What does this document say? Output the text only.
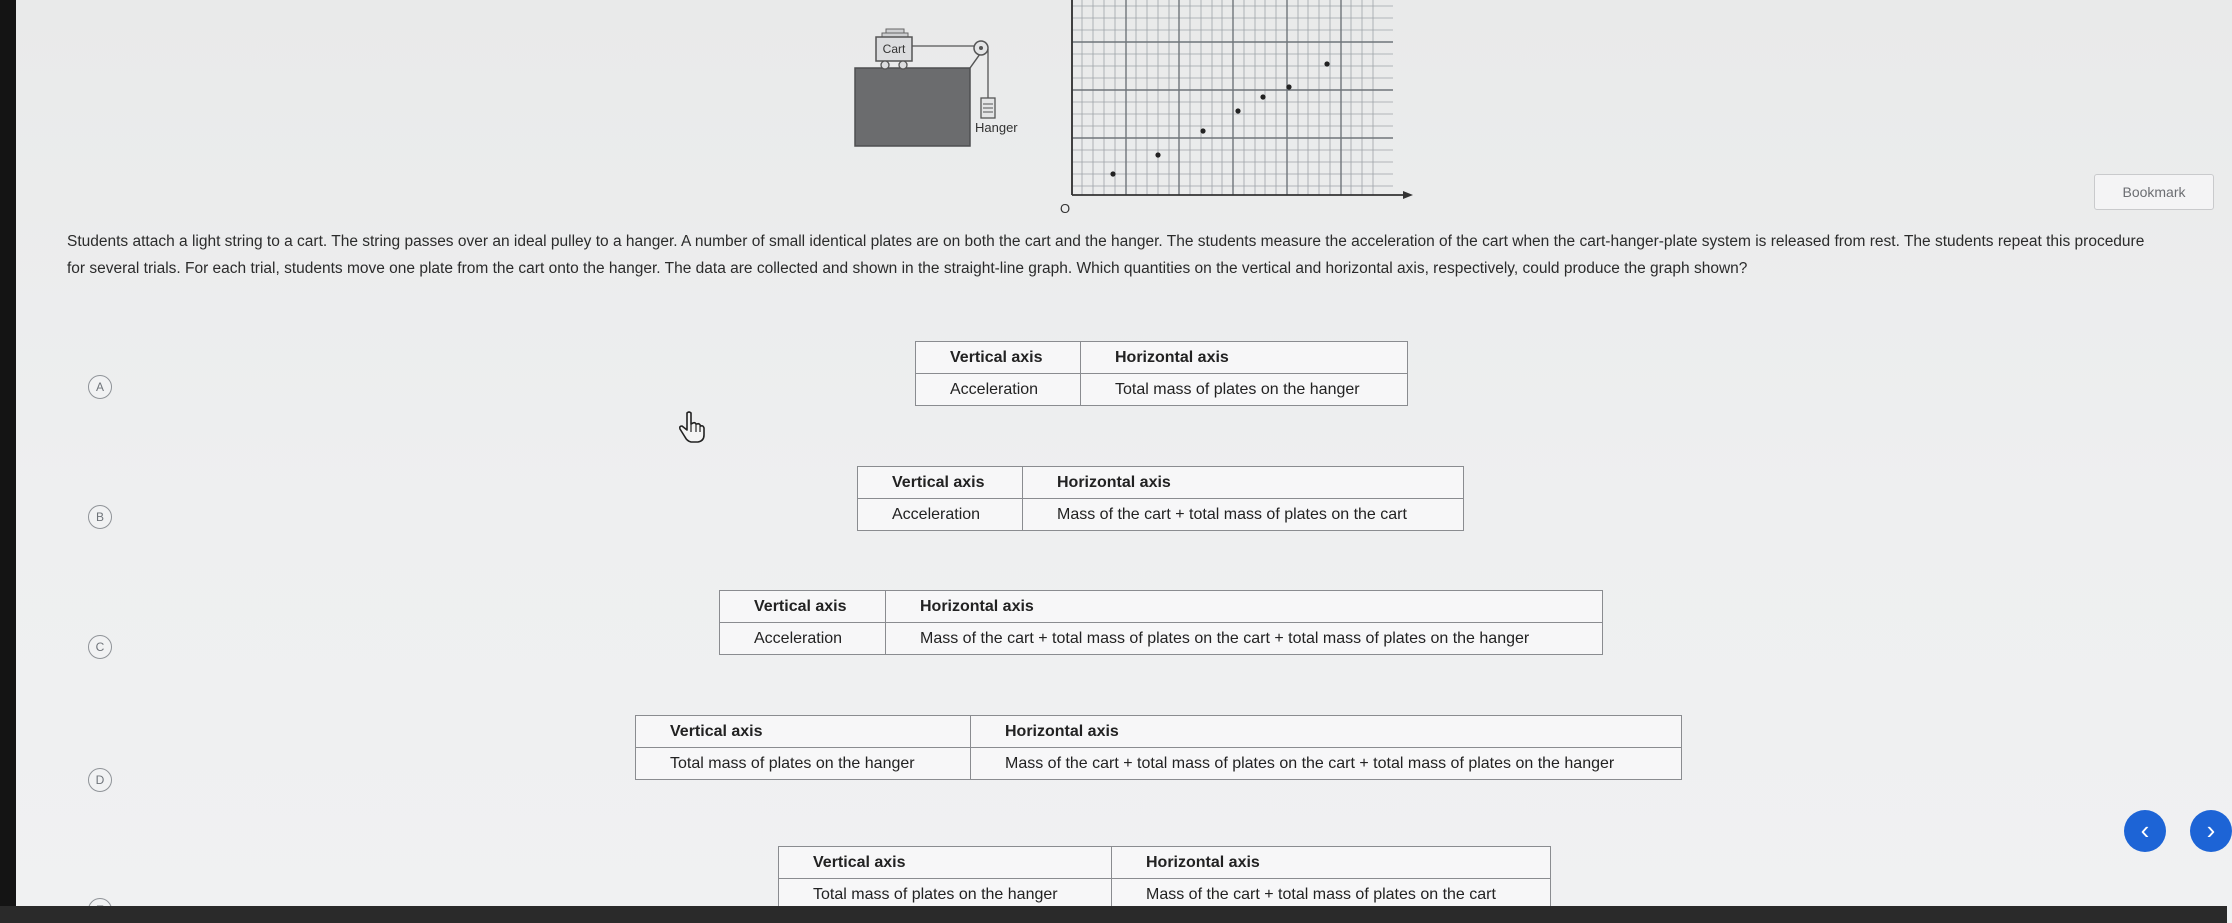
Cart
Hanger
O
Students attach a light string to a cart. The string passes over an ideal pulley to a hanger. A number of small identical plates are on both the cart and the hanger. The students measure the acceleration of the cart when the cart-hanger-plate system is released from rest. The students repeat this procedure for several trials. For each trial, students move one plate from the cart onto the hanger. The data are collected and shown in the straight-line graph. Which quantities on the vertical and horizontal axis, respectively, could produce the graph shown?
Bookmark
A
Vertical axis	Horizontal axis
Acceleration	Total mass of plates on the hanger
B
Vertical axis	Horizontal axis
Acceleration	Mass of the cart + total mass of plates on the cart
C
Vertical axis	Horizontal axis
Acceleration	Mass of the cart + total mass of plates on the cart + total mass of plates on the hanger
D
Vertical axis	Horizontal axis
Total mass of plates on the hanger	Mass of the cart + total mass of plates on the cart + total mass of plates on the hanger
Vertical axis	Horizontal axis
Total mass of plates on the hanger	Mass of the cart + total mass of plates on the cart
‹	›
